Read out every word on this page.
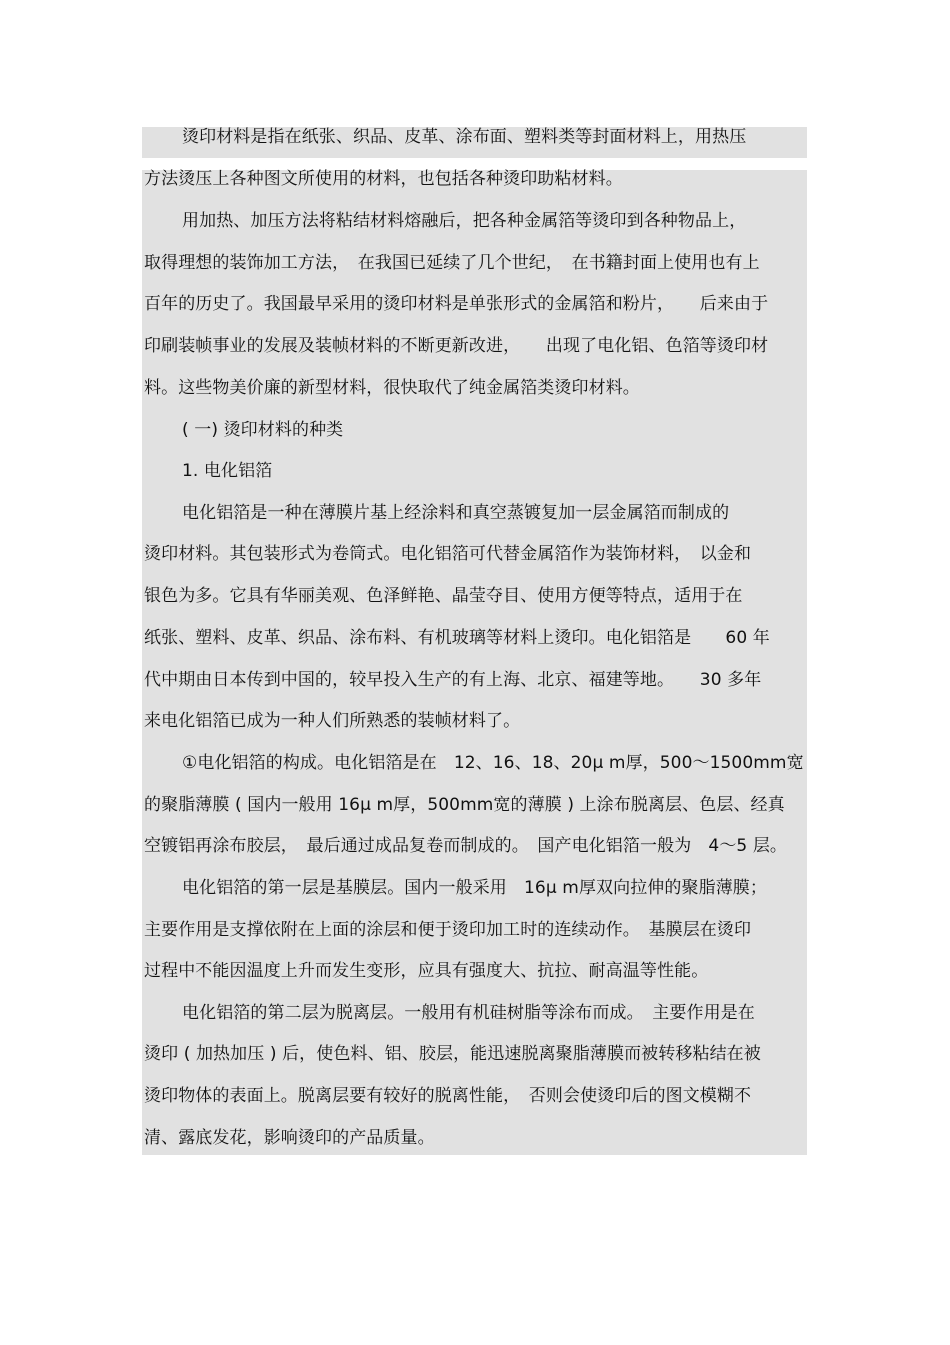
烫印材料是指在纸张、织品、皮革、涂布面、塑料类等封面材料上，用热压
方法烫压上各种图文所使用的材料，也包括各种烫印助粘材料。
用加热、加压方法将粘结材料熔融后，把各种金属箔等烫印到各种物品上，
取得理想的装饰加工方法，　在我国已延续了几个世纪，　在书籍封面上使用也有上
百年的历史了。我国最早采用的烫印材料是单张形式的金属箔和粉片，　　后来由于
印刷装帧事业的发展及装帧材料的不断更新改进，　　出现了电化铝、色箔等烫印材
料。这些物美价廉的新型材料，很快取代了纯金属箔类烫印材料。
( 一) 烫印材料的种类
1. 电化铝箔
电化铝箔是一种在薄膜片基上经涂料和真空蒸镀复加一层金属箔而制成的
烫印材料。其包装形式为卷筒式。电化铝箔可代替金属箔作为装饰材料，　以金和
银色为多。它具有华丽美观、色泽鲜艳、晶莹夺目、使用方便等特点，适用于在
纸张、塑料、皮革、织品、涂布料、有机玻璃等材料上烫印。电化铝箔是　　60 年
代中期由日本传到中国的，较早投入生产的有上海、北京、福建等地。　　30 多年
来电化铝箔已成为一种人们所熟悉的装帧材料了。
①电化铝箔的构成。电化铝箔是在　12、16、18、20μ m厚，500～1500mm宽
的聚脂薄膜 ( 国内一般用 16μ m厚，500mm宽的薄膜 ) 上涂布脱离层、色层、经真
空镀铝再涂布胶层，　最后通过成品复卷而制成的。　国产电化铝箔一般为　4～5 层。
电化铝箔的第一层是基膜层。国内一般采用　16μ m厚双向拉伸的聚脂薄膜；
主要作用是支撑依附在上面的涂层和便于烫印加工时的连续动作。　基膜层在烫印
过程中不能因温度上升而发生变形，应具有强度大、抗拉、耐高温等性能。
电化铝箔的第二层为脱离层。一般用有机硅树脂等涂布而成。　主要作用是在
烫印 ( 加热加压 ) 后，使色料、铝、胶层，能迅速脱离聚脂薄膜而被转移粘结在被
烫印物体的表面上。脱离层要有较好的脱离性能，　否则会使烫印后的图文模糊不
清、露底发花，影响烫印的产品质量。
